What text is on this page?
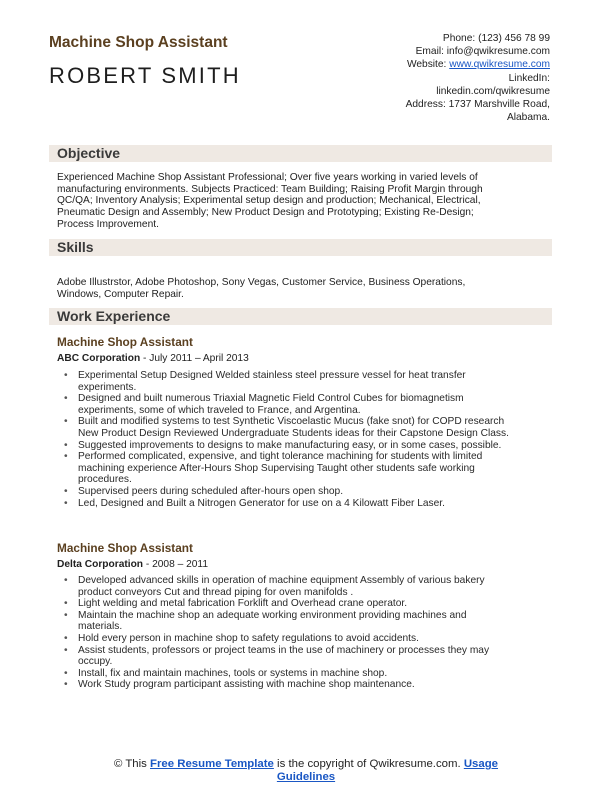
Machine Shop Assistant
ROBERT SMITH
Phone: (123) 456 78 99
Email: info@qwikresume.com
Website: www.qwikresume.com
LinkedIn:
linkedin.com/qwikresume
Address: 1737 Marshville Road,
Alabama.
Objective
Experienced Machine Shop Assistant Professional; Over five years working in varied levels of
manufacturing environments. Subjects Practiced: Team Building; Raising Profit Margin through
QC/QA; Inventory Analysis; Experimental setup design and production; Mechanical, Electrical,
Pneumatic Design and Assembly; New Product Design and Prototyping; Existing Re-Design;
Process Improvement.
Skills
Adobe Illustrstor, Adobe Photoshop, Sony Vegas, Customer Service, Business Operations,
Windows, Computer Repair.
Work Experience
Machine Shop Assistant
ABC Corporation - July 2011 – April 2013
• Experimental Setup Designed Welded stainless steel pressure vessel for heat transfer
experiments.
• Designed and built numerous Triaxial Magnetic Field Control Cubes for biomagnetism
experiments, some of which traveled to France, and Argentina.
• Built and modified systems to test Synthetic Viscoelastic Mucus (fake snot) for COPD research
New Product Design Reviewed Undergraduate Students ideas for their Capstone Design Class.
• Suggested improvements to designs to make manufacturing easy, or in some cases, possible.
• Performed complicated, expensive, and tight tolerance machining for students with limited
machining experience After-Hours Shop Supervising Taught other students safe working
procedures.
• Supervised peers during scheduled after-hours open shop.
• Led, Designed and Built a Nitrogen Generator for use on a 4 Kilowatt Fiber Laser.
Machine Shop Assistant
Delta Corporation - 2008 – 2011
• Developed advanced skills in operation of machine equipment Assembly of various bakery
product conveyors Cut and thread piping for oven manifolds .
• Light welding and metal fabrication Forklift and Overhead crane operator.
• Maintain the machine shop an adequate working environment providing machines and
materials.
• Hold every person in machine shop to safety regulations to avoid accidents.
• Assist students, professors or project teams in the use of machinery or processes they may
occupy.
• Install, fix and maintain machines, tools or systems in machine shop.
• Work Study program participant assisting with machine shop maintenance.
© This Free Resume Template is the copyright of Qwikresume.com. Usage
Guidelines
